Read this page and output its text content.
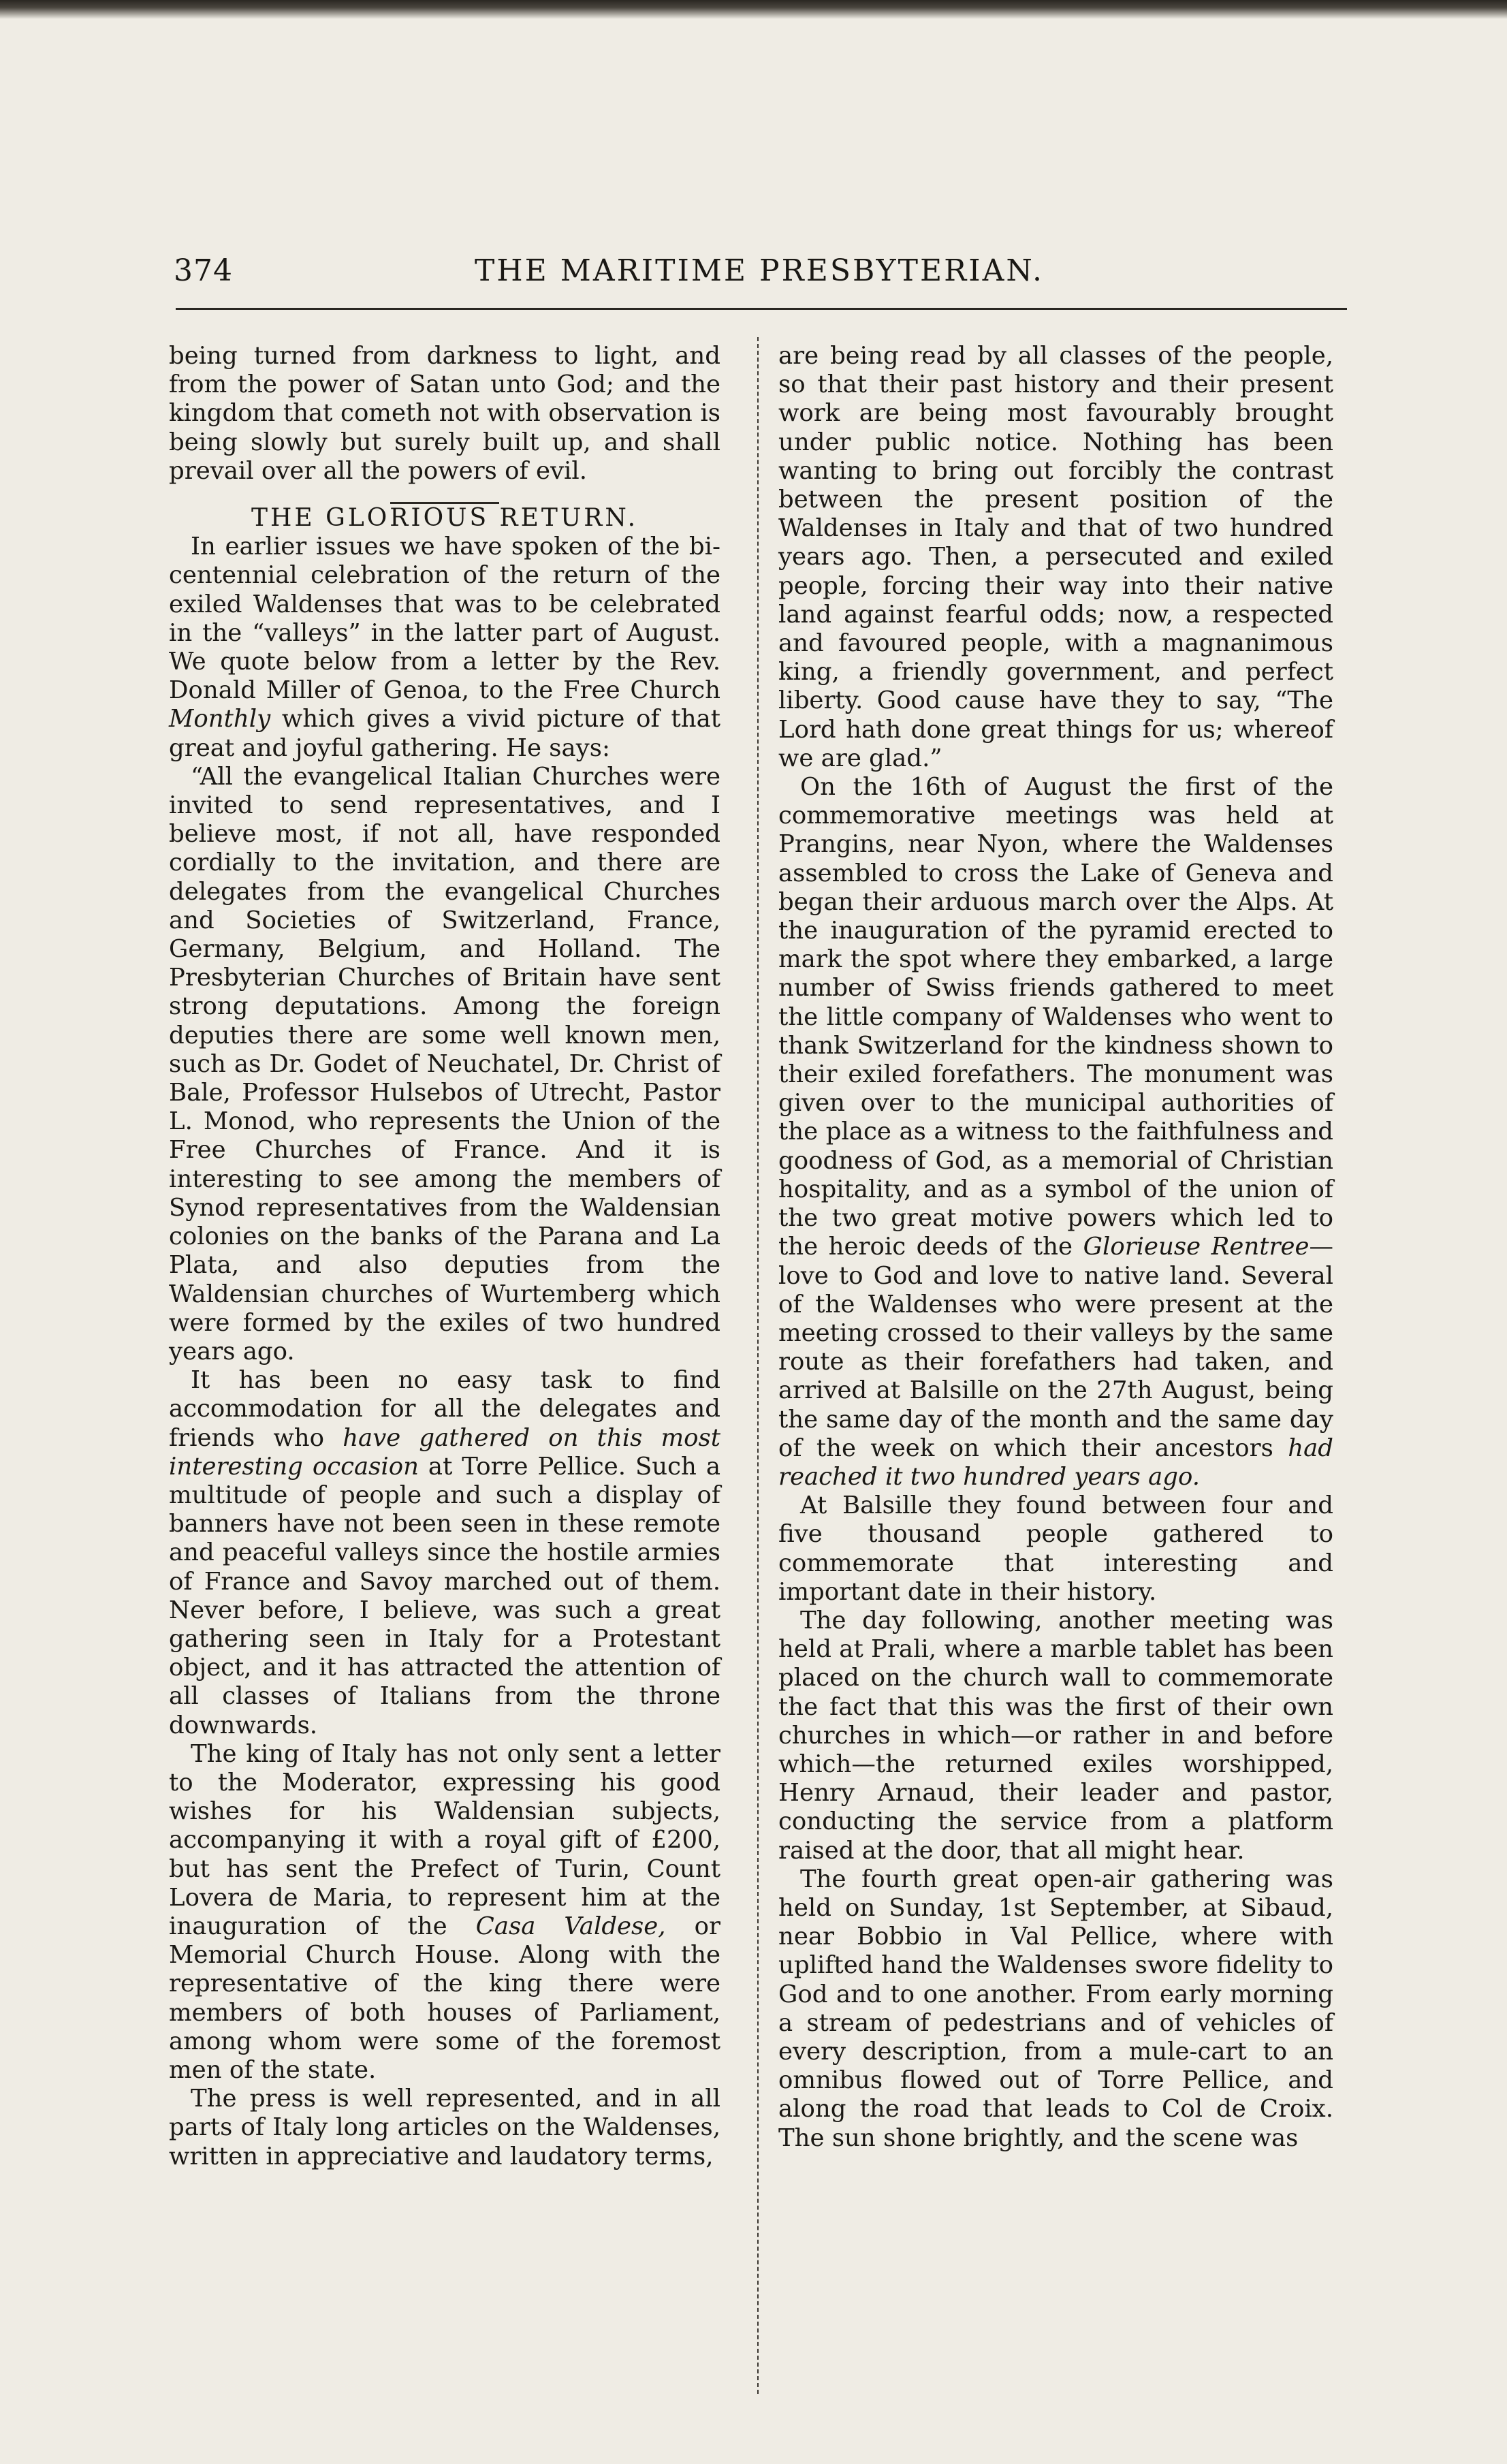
374	THE MARITIME PRESBYTERIAN.

being turned from darkness to light, and from the power of Satan unto God; and the kingdom that cometh not with observation is being slowly but surely built up, and shall prevail over all the powers of evil.

THE GLORIOUS RETURN.

In earlier issues we have spoken of the bi-centennial celebration of the return of the exiled Waldenses that was to be celebrated in the “valleys” in the latter part of August. We quote below from a letter by the Rev. Donald Miller of Genoa, to the Free Church Monthly which gives a vivid picture of that great and joyful gathering. He says:

“All the evangelical Italian Churches were invited to send representatives, and I believe most, if not all, have responded cordially to the invitation, and there are delegates from the evangelical Churches and Societies of Switzerland, France, Germany, Belgium, and Holland. The Presbyterian Churches of Britain have sent strong deputations. Among the foreign deputies there are some well known men, such as Dr. Godet of Neuchatel, Dr. Christ of Bale, Professor Hulsebos of Utrecht, Pastor L. Monod, who represents the Union of the Free Churches of France. And it is interesting to see among the members of Synod representatives from the Waldensian colonies on the banks of the Parana and La Plata, and also deputies from the Waldensian churches of Wurtemberg which were formed by the exiles of two hundred years ago.

It has been no easy task to find accommodation for all the delegates and friends who have gathered on this most interesting occasion at Torre Pellice. Such a multitude of people and such a display of banners have not been seen in these remote and peaceful valleys since the hostile armies of France and Savoy marched out of them. Never before, I believe, was such a great gathering seen in Italy for a Protestant object, and it has attracted the attention of all classes of Italians from the throne downwards.

The king of Italy has not only sent a letter to the Moderator, expressing his good wishes for his Waldensian subjects, accompanying it with a royal gift of £200, but has sent the Prefect of Turin, Count Lovera de Maria, to represent him at the inauguration of the Casa Valdese, or Memorial Church House. Along with the representative of the king there were members of both houses of Parliament, among whom were some of the foremost men of the state.

The press is well represented, and in all parts of Italy long articles on the Waldenses, written in appreciative and laudatory terms,

are being read by all classes of the people, so that their past history and their present work are being most favourably brought under public notice. Nothing has been wanting to bring out forcibly the contrast between the present position of the Waldenses in Italy and that of two hundred years ago. Then, a persecuted and exiled people, forcing their way into their native land against fearful odds; now, a respected and favoured people, with a magnanimous king, a friendly government, and perfect liberty. Good cause have they to say, “The Lord hath done great things for us; whereof we are glad.”

On the 16th of August the first of the commemorative meetings was held at Prangins, near Nyon, where the Waldenses assembled to cross the Lake of Geneva and began their arduous march over the Alps. At the inauguration of the pyramid erected to mark the spot where they embarked, a large number of Swiss friends gathered to meet the little company of Waldenses who went to thank Switzerland for the kindness shown to their exiled forefathers. The monument was given over to the municipal authorities of the place as a witness to the faithfulness and goodness of God, as a memorial of Christian hospitality, and as a symbol of the union of the two great motive powers which led to the heroic deeds of the Glorieuse Rentree—love to God and love to native land. Several of the Waldenses who were present at the meeting crossed to their valleys by the same route as their forefathers had taken, and arrived at Balsille on the 27th August, being the same day of the month and the same day of the week on which their ancestors had reached it two hundred years ago.

At Balsille they found between four and five thousand people gathered to commemorate that interesting and important date in their history.

The day following, another meeting was held at Prali, where a marble tablet has been placed on the church wall to commemorate the fact that this was the first of their own churches in which—or rather in and before which—the returned exiles worshipped, Henry Arnaud, their leader and pastor, conducting the service from a platform raised at the door, that all might hear.

The fourth great open-air gathering was held on Sunday, 1st September, at Sibaud, near Bobbio in Val Pellice, where with uplifted hand the Waldenses swore fidelity to God and to one another. From early morning a stream of pedestrians and of vehicles of every description, from a mule-cart to an omnibus flowed out of Torre Pellice, and along the road that leads to Col de Croix. The sun shone brightly, and the scene was
